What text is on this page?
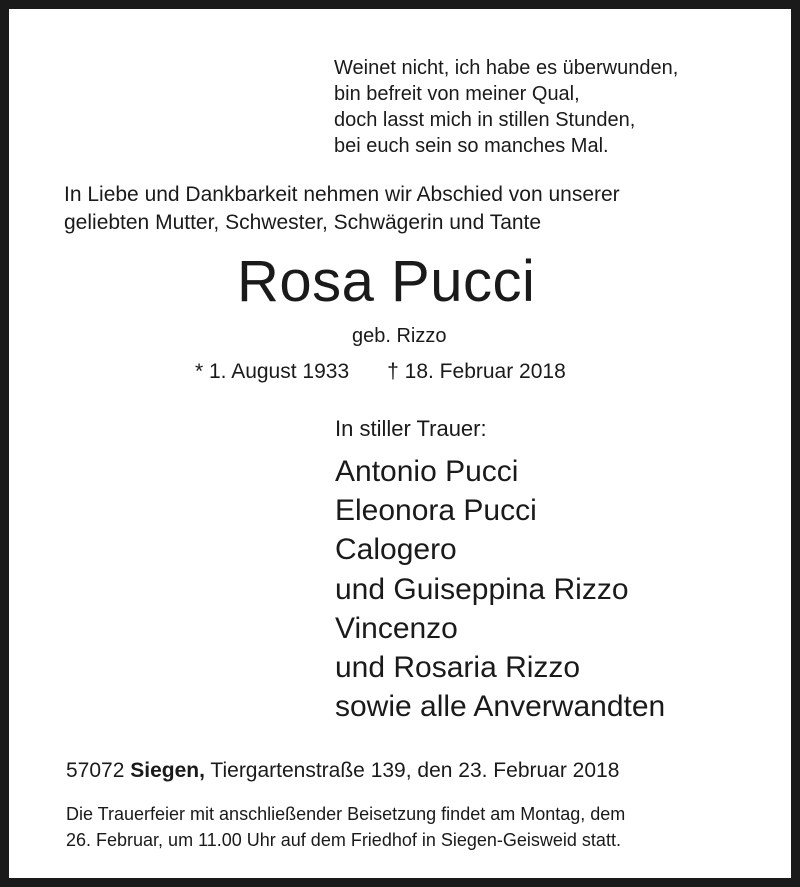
Weinet nicht, ich habe es überwunden,
bin befreit von meiner Qual,
doch lasst mich in stillen Stunden,
bei euch sein so manches Mal.
In Liebe und Dankbarkeit nehmen wir Abschied von unserer
geliebten Mutter, Schwester, Schwägerin und Tante
Rosa Pucci
geb. Rizzo
* 1. August 1933 † 18. Februar 2018
In stiller Trauer:
Antonio Pucci
Eleonora Pucci
Calogero
und Guiseppina Rizzo
Vincenzo
und Rosaria Rizzo
sowie alle Anverwandten
57072 Siegen, Tiergartenstraße 139, den 23. Februar 2018
Die Trauerfeier mit anschließender Beisetzung findet am Montag, dem
26. Februar, um 11.00 Uhr auf dem Friedhof in Siegen-Geisweid statt.
